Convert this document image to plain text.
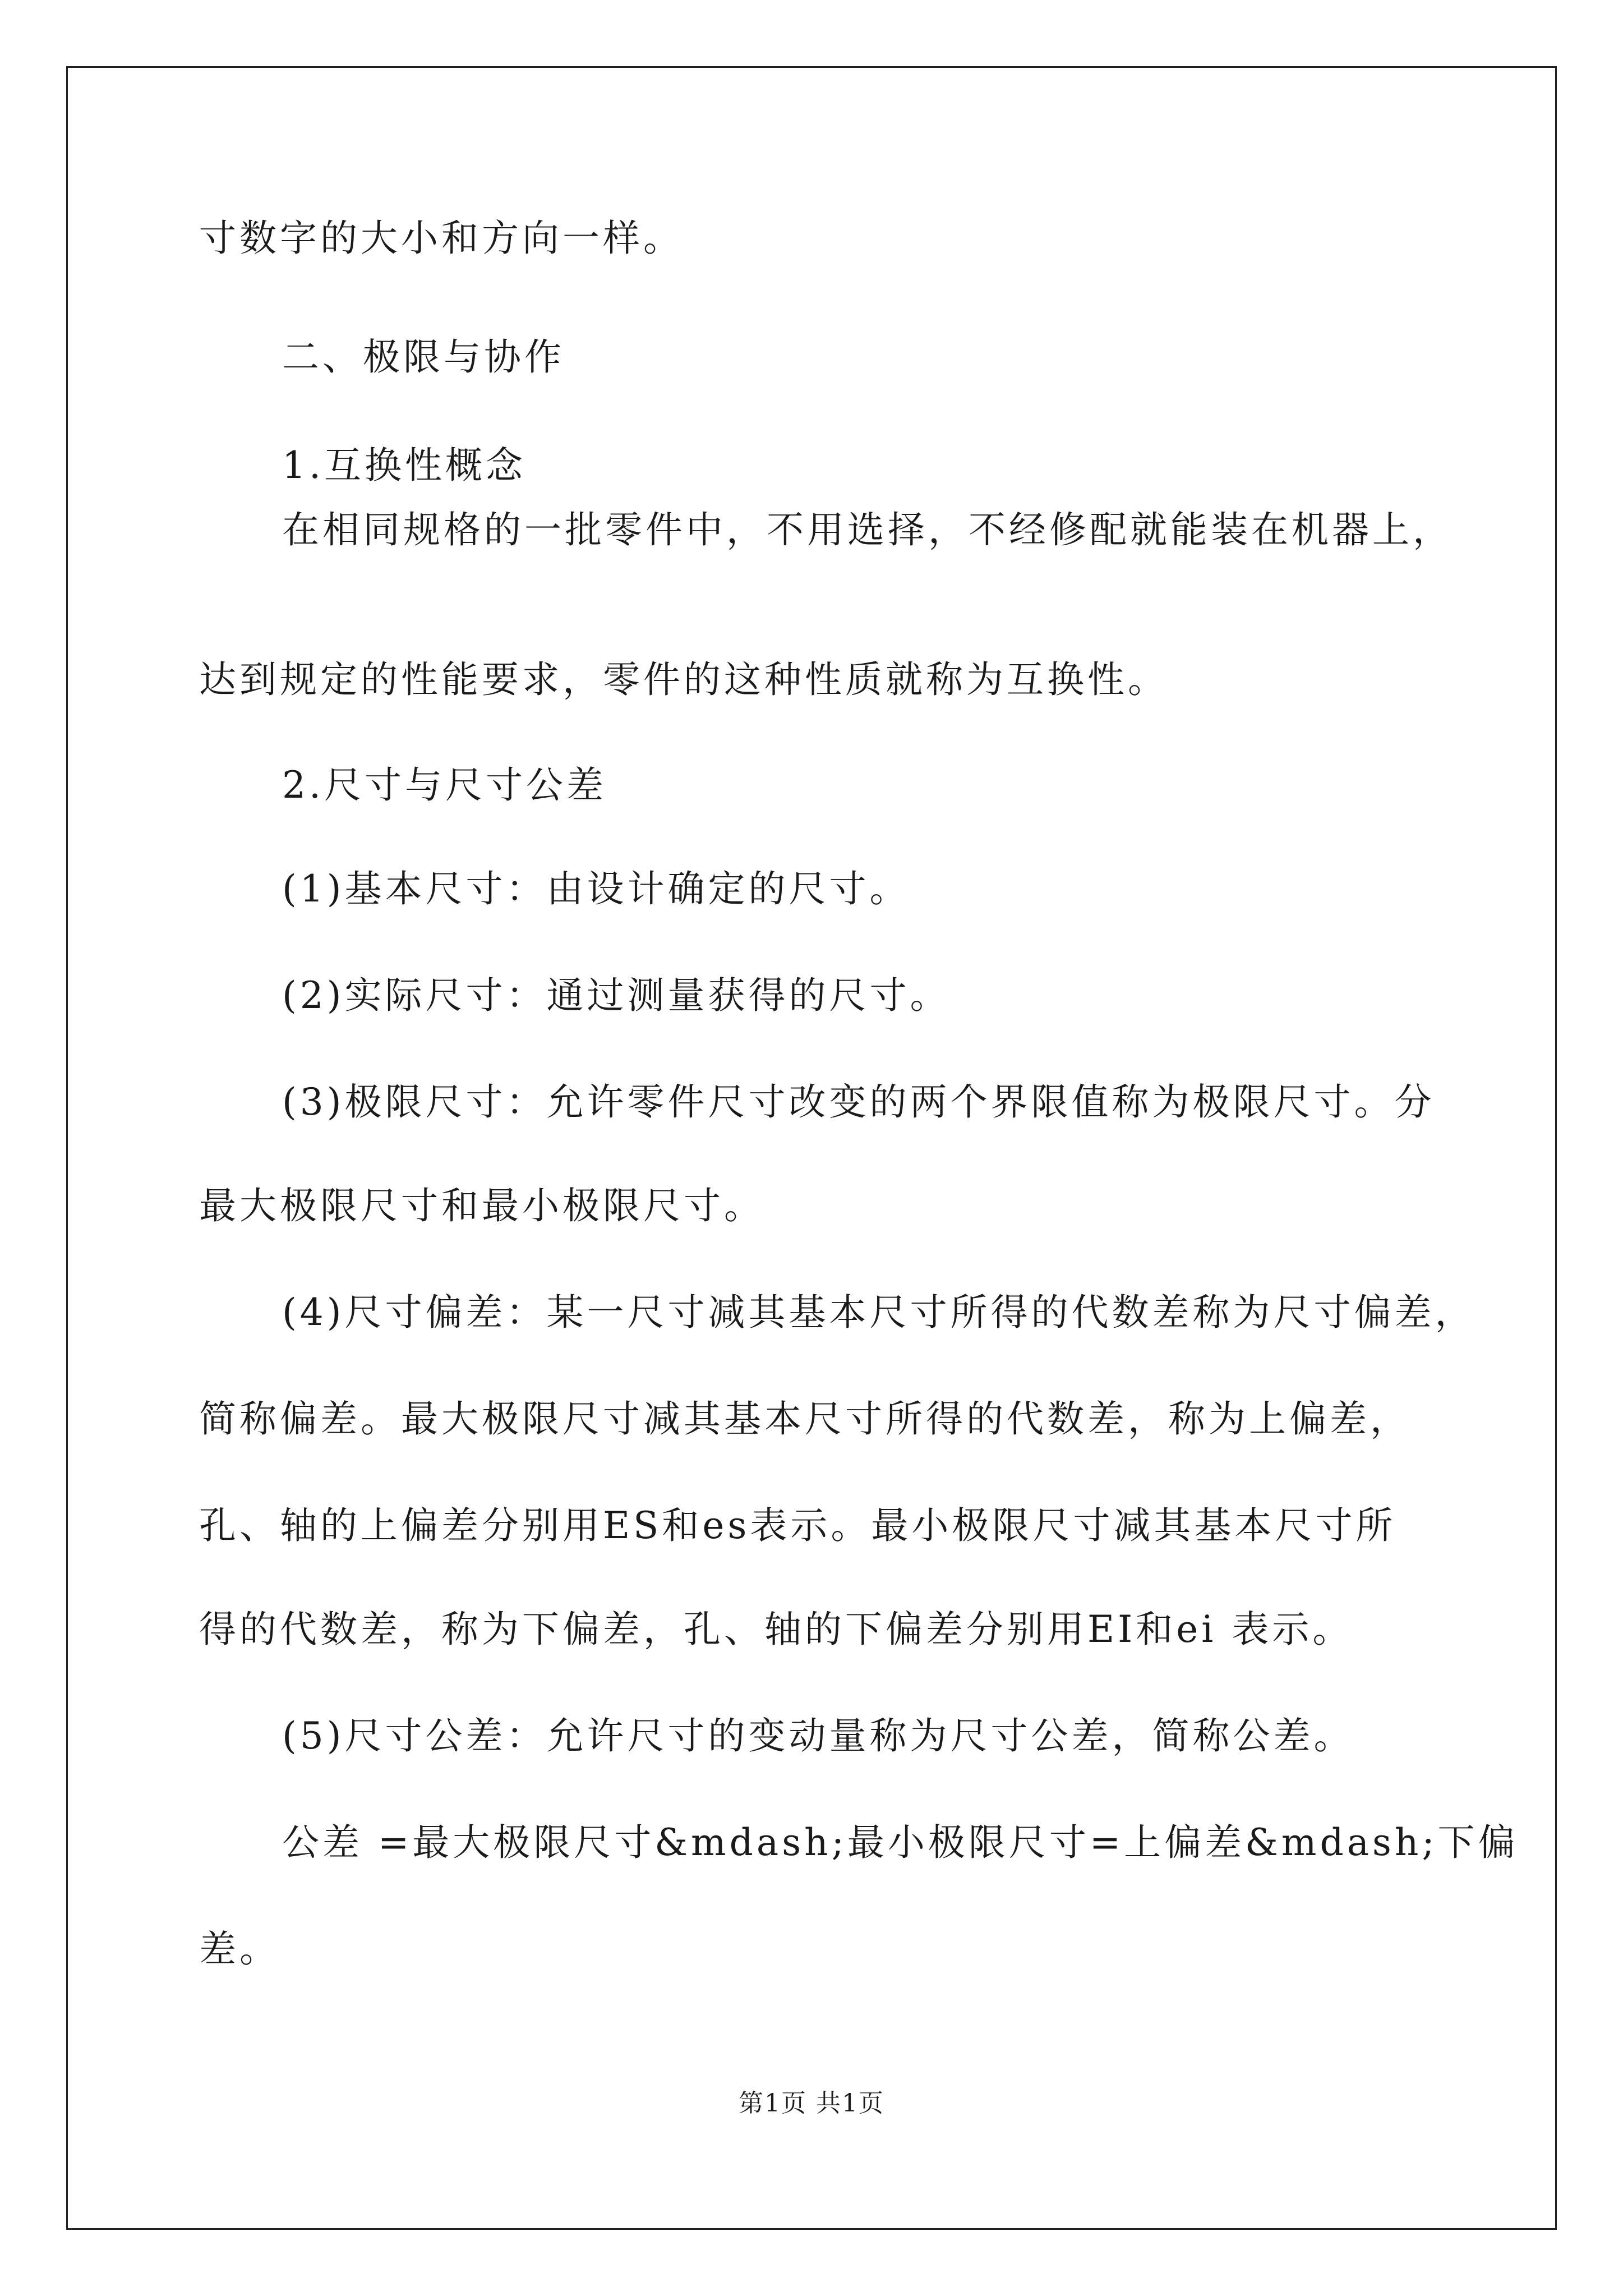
寸数字的大小和方向一样。
二、极限与协作
1.互换性概念
在相同规格的一批零件中，不用选择，不经修配就能装在机器上，
达到规定的性能要求，零件的这种性质就称为互换性。
2.尺寸与尺寸公差
(1)基本尺寸：由设计确定的尺寸。
(2)实际尺寸：通过测量获得的尺寸。
(3)极限尺寸：允许零件尺寸改变的两个界限值称为极限尺寸。分
最大极限尺寸和最小极限尺寸。
(4)尺寸偏差：某一尺寸减其基本尺寸所得的代数差称为尺寸偏差，
简称偏差。最大极限尺寸减其基本尺寸所得的代数差，称为上偏差，
孔、轴的上偏差分别用ES和es表示。最小极限尺寸减其基本尺寸所
得的代数差，称为下偏差，孔、轴的下偏差分别用EI和ei 表示。
(5)尺寸公差：允许尺寸的变动量称为尺寸公差，简称公差。
公差 =最大极限尺寸&mdash;最小极限尺寸=上偏差&mdash;下偏
差。
第1页 共1页
